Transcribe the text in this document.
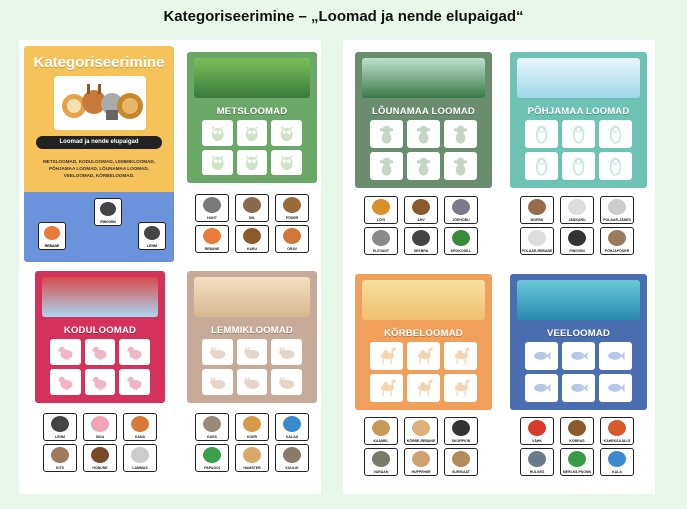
Kategoriseerimine – „Loomad ja nende elupaigad“
Kategoriseerimine
Loomad ja nende elupaigad
METSLOOMAD, KODULOOMAD, LEMMIKLOOMAD,
PÕHJAMAA LOOMAD, LÕUNAMAA LOOMAD,
VEELOOMAD, KÕRBELOOMAD.
PINGVIIN
REBANE	LEHM
METSLOOMAD
HUNT	SIIL	PÕDER
REBANE	KARU	ORAV
KODULOOMAD
LEHM	SIGA	KANA
KITS	HOBUNE	LAMMAS
LEMMIKLOOMAD
KASS	KOER	KALAD
PAPAGOI	HAMSTER	KÜÜLIK
LÕUNAMAA LOOMAD
LÕVI	AHV	JÕEHOBU
ELEVANT	SEEBRA	KROKODILL
PÕHJAMAA LOOMAD
MORSK	JÄÄKARU	POLAAR-JÄNES
POLAAR-REBANE	PINGVIIN	PÕHJAPÕDER
KÕRBELOOMAD
KAAMEL	KÕRBE-REBANE	SKORPION
VARAAN	HÜPPEHIIR	SURIKAAT
VEELOOMAD
VÄHK	KOBRAS	KAHEKSAJALG
HÜLGES	MERI-KILPKONN	KALA
